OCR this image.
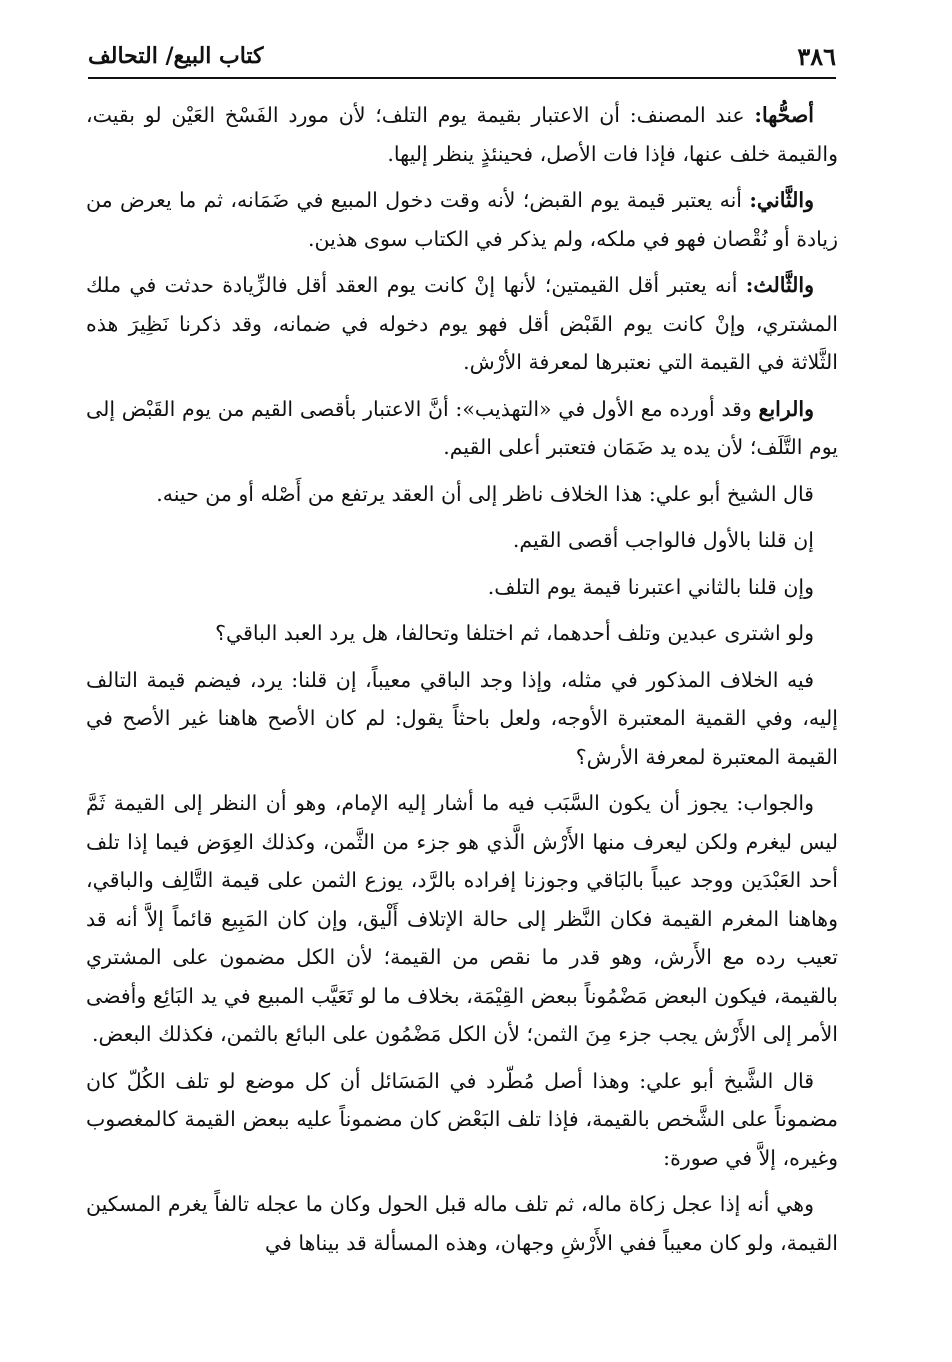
٣٨٦
كتاب البيع/ التحالف

أصحُّها: عند المصنف: أن الاعتبار بقيمة يوم التلف؛ لأن مورد الفَسْخ العَيْن لو بقيت، والقيمة خلف عنها، فإذا فات الأصل، فحينئذٍ ينظر إليها.

والثَّاني: أنه يعتبر قيمة يوم القبض؛ لأنه وقت دخول المبيع في ضَمَانه، ثم ما يعرض من زيادة أو نُقْصان فهو في ملكه، ولم يذكر في الكتاب سوى هذين.

والثَّالث: أنه يعتبر أقل القيمتين؛ لأنها إنْ كانت يوم العقد أقل فالزِّيادة حدثت في ملك المشتري، وإنْ كانت يوم القَبْض أقل فهو يوم دخوله في ضمانه، وقد ذكرنا نَظِيرَ هذه الثَّلاثة في القيمة التي نعتبرها لمعرفة الأرْش.

والرابع وقد أورده مع الأول في «التهذيب»: أنَّ الاعتبار بأقصى القيم من يوم القَبْض إلى يوم التَّلَف؛ لأن يده يد ضَمَان فتعتبر أعلى القيم.

قال الشيخ أبو علي: هذا الخلاف ناظر إلى أن العقد يرتفع من أَصْله أو من حينه.

إن قلنا بالأول فالواجب أقصى القيم.

وإن قلنا بالثاني اعتبرنا قيمة يوم التلف.

ولو اشترى عبدين وتلف أحدهما، ثم اختلفا وتحالفا، هل يرد العبد الباقي؟

فيه الخلاف المذكور في مثله، وإذا وجد الباقي معيباً، إن قلنا: يرد، فيضم قيمة التالف إليه، وفي القمية المعتبرة الأوجه، ولعل باحثاً يقول: لم كان الأصح هاهنا غير الأصح في القيمة المعتبرة لمعرفة الأرش؟

والجواب: يجوز أن يكون السَّبَب فيه ما أشار إليه الإمام، وهو أن النظر إلى القيمة ثَمَّ ليس ليغرم ولكن ليعرف منها الأَرْش الَّذي هو جزء من الثَّمن، وكذلك العِوَض فيما إذا تلف أحد العَبْدَين ووجد عيباً بالبَاقي وجوزنا إفراده بالرَّد، يوزع الثمن على قيمة التَّالِف والباقي، وهاهنا المغرم القيمة فكان النَّظر إلى حالة الإتلاف أَلْيق، وإن كان المَبِيع قائماً إلاَّ أنه قد تعيب رده مع الأَرش، وهو قدر ما نقص من القيمة؛ لأن الكل مضمون على المشتري بالقيمة، فيكون البعض مَضْمُوناً ببعض القِيْمَة، بخلاف ما لو تَعَيَّب المبيع في يد البَائِع وأفضى الأمر إلى الأَرْش يجب جزء مِنَ الثمن؛ لأن الكل مَضْمُون على البائع بالثمن، فكذلك البعض.

قال الشَّيخ أبو علي: وهذا أصل مُطّرد في المَسَائل أن كل موضع لو تلف الكُلّ كان مضموناً على الشَّخص بالقيمة، فإذا تلف البَعْض كان مضموناً عليه ببعض القيمة كالمغصوب وغيره، إلاَّ في صورة:

وهي أنه إذا عجل زكاة ماله، ثم تلف ماله قبل الحول وكان ما عجله تالفاً يغرم المسكين القيمة، ولو كان معيباً ففي الأَرْشِ وجهان، وهذه المسألة قد بيناها في
